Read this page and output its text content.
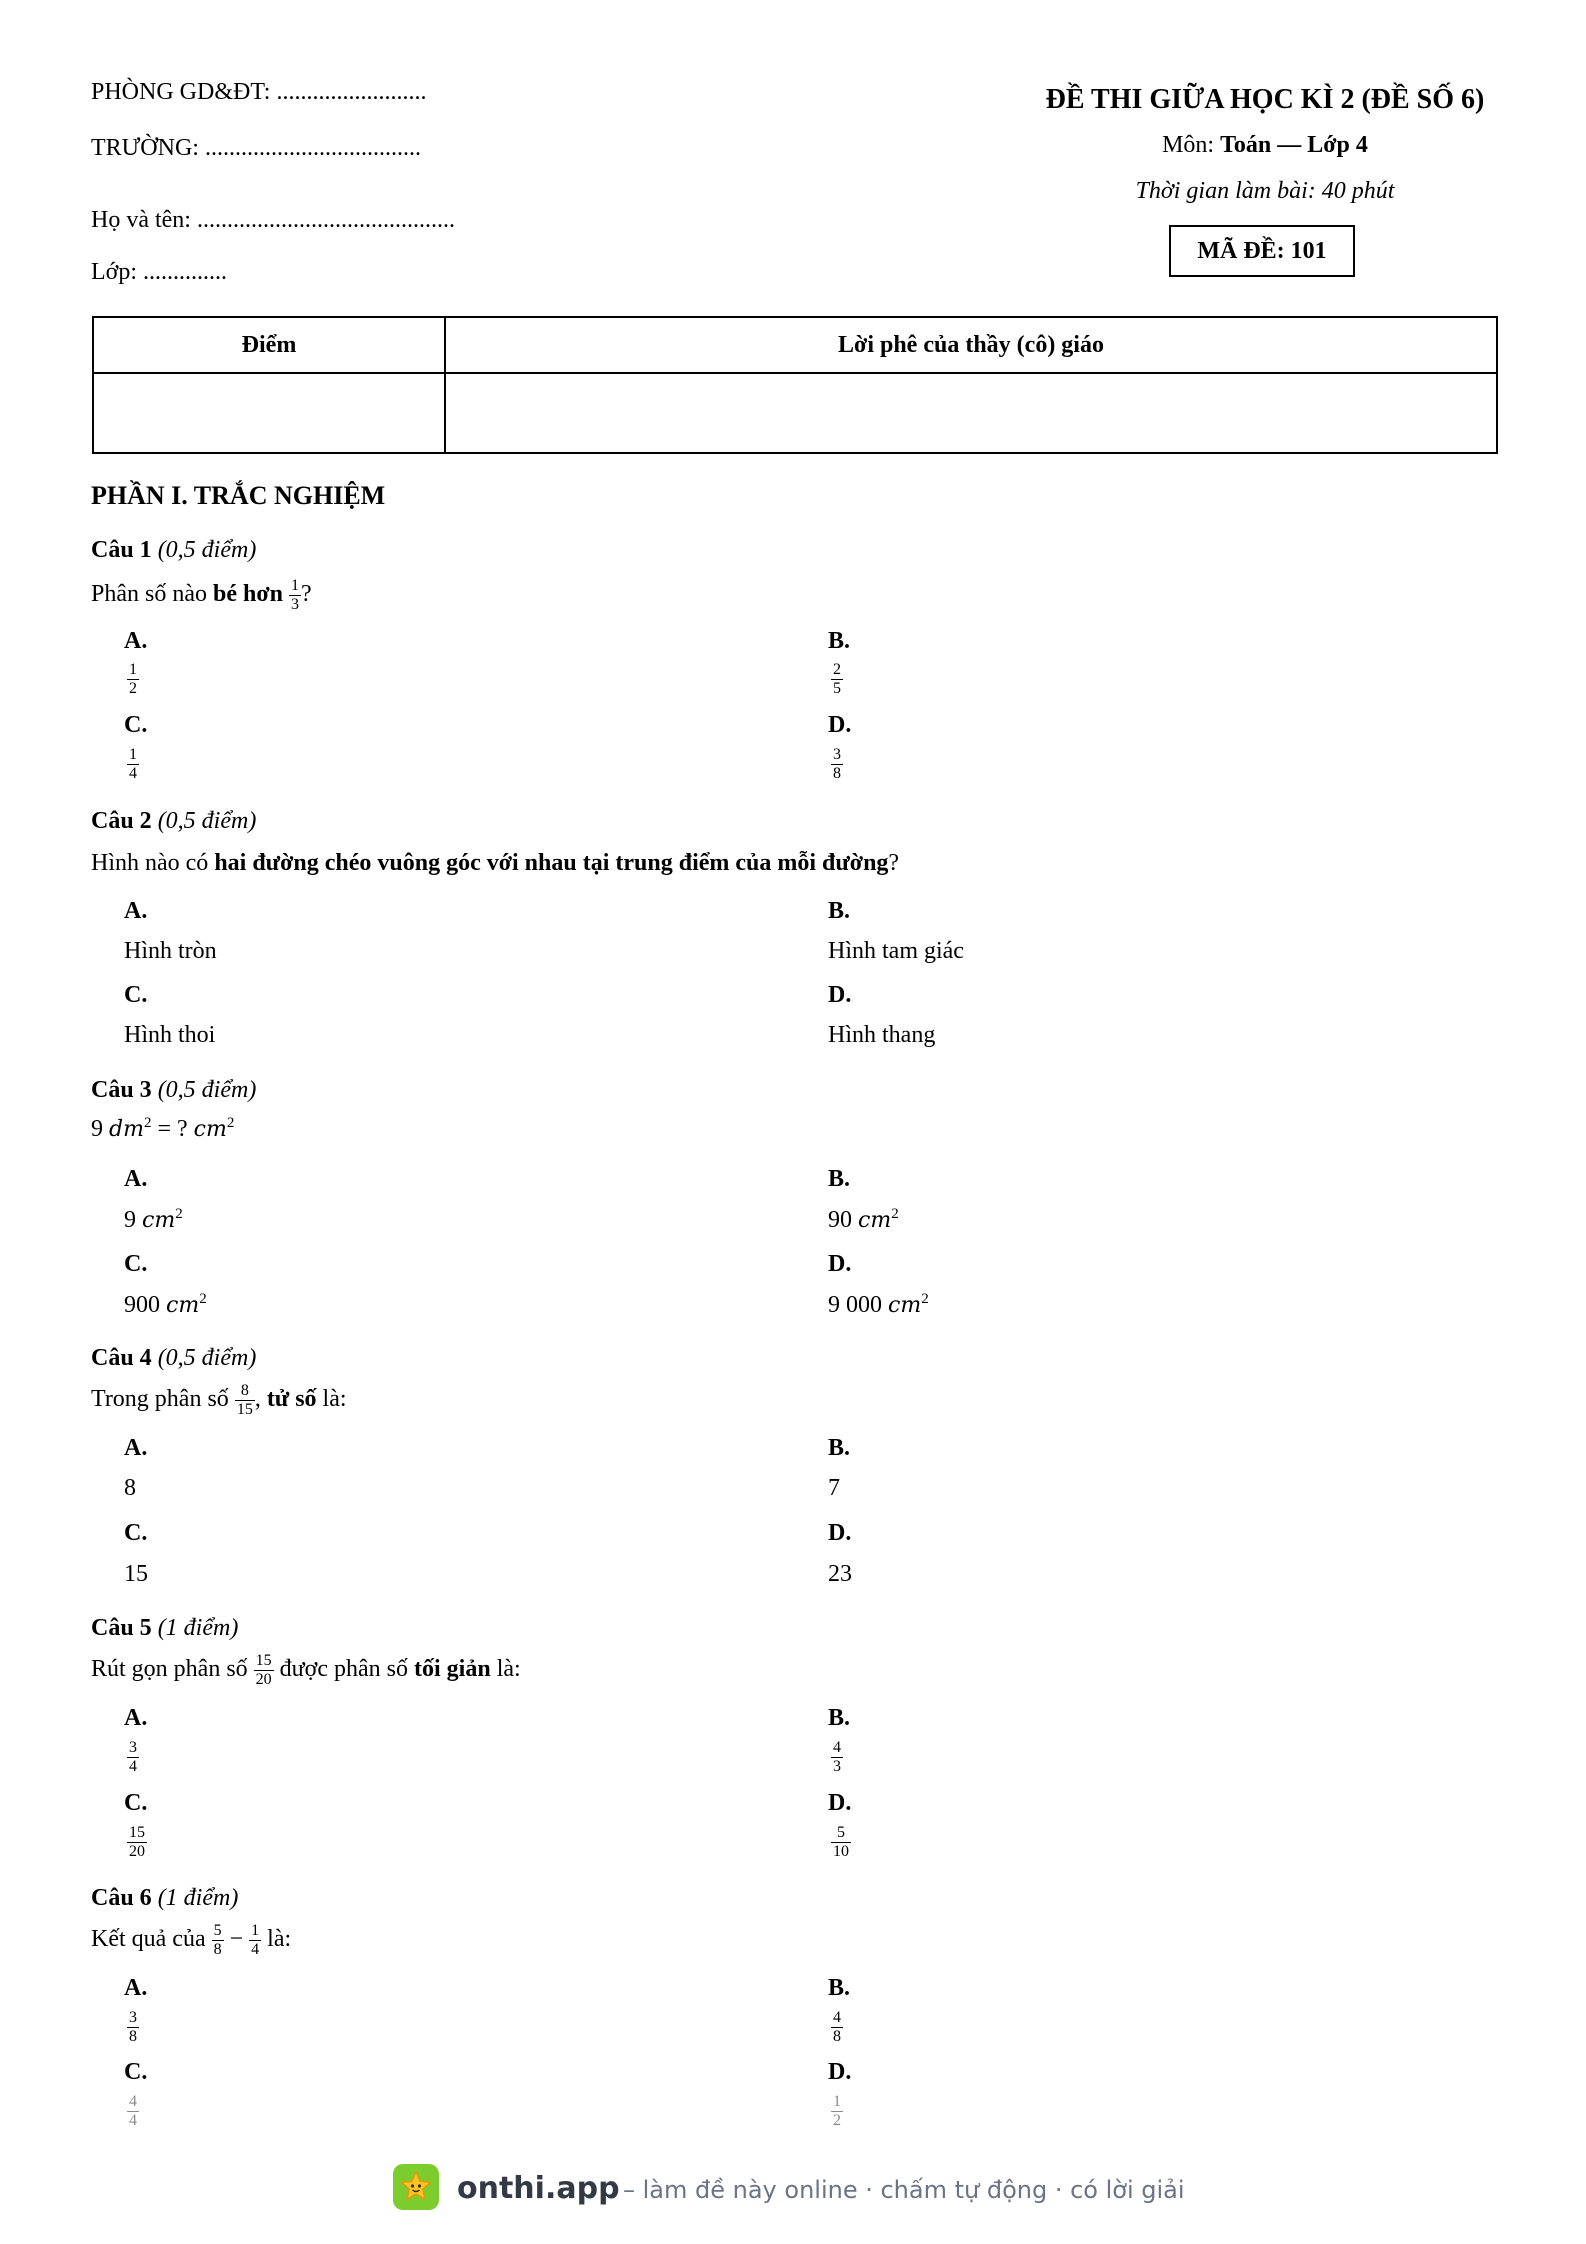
PHÒNG GD&ĐT: .........................
TRƯỜNG: ....................................
Họ và tên: ...........................................
Lớp: ..............
ĐỀ THI GIỮA HỌC KÌ 2 (ĐỀ SỐ 6)
Môn: Toán — Lớp 4
Thời gian làm bài: 40 phút
MÃ ĐỀ: 101
Điểm	Lời phê của thầy (cô) giáo

PHẦN I. TRẮC NGHIỆM
Câu 1 (0,5 điểm)
Phân số nào bé hơn $\frac{1}{3}$ ?
A.
$\frac{1}{2}$
B.
$\frac{2}{5}$
C.
$\frac{1}{4}$
D.
$\frac{3}{8}$
Câu 2 (0,5 điểm)
Hình nào có hai đường chéo vuông góc với nhau tại trung điểm của mỗi đường?
A.
Hình tròn
B.
Hình tam giác
C.
Hình thoi
D.
Hình thang
Câu 3 (0,5 điểm)
9 $dm^2$ = ? $cm^2$
A.
9 $cm^2$
B.
90 $cm^2$
C.
900 $cm^2$
D.
9 000 $cm^2$
Câu 4 (0,5 điểm)
Trong phân số $\frac{8}{15}$ , tử số là:
A.
8
B.
7
C.
15
D.
23
Câu 5 (1 điểm)
Rút gọn phân số $\frac{15}{20}$ được phân số tối giản là:
A.
$\frac{3}{4}$
B.
$\frac{4}{3}$
C.
$\frac{15}{20}$
D.
$\frac{5}{10}$
Câu 6 (1 điểm)
Kết quả của $\frac{5}{8} - \frac{1}{4}$ là:
A.
$\frac{3}{8}$
B.
$\frac{4}{8}$
C.
$\frac{4}{4}$
D.
$\frac{1}{2}$
onthi.app – làm đề này online · chấm tự động · có lời giải
